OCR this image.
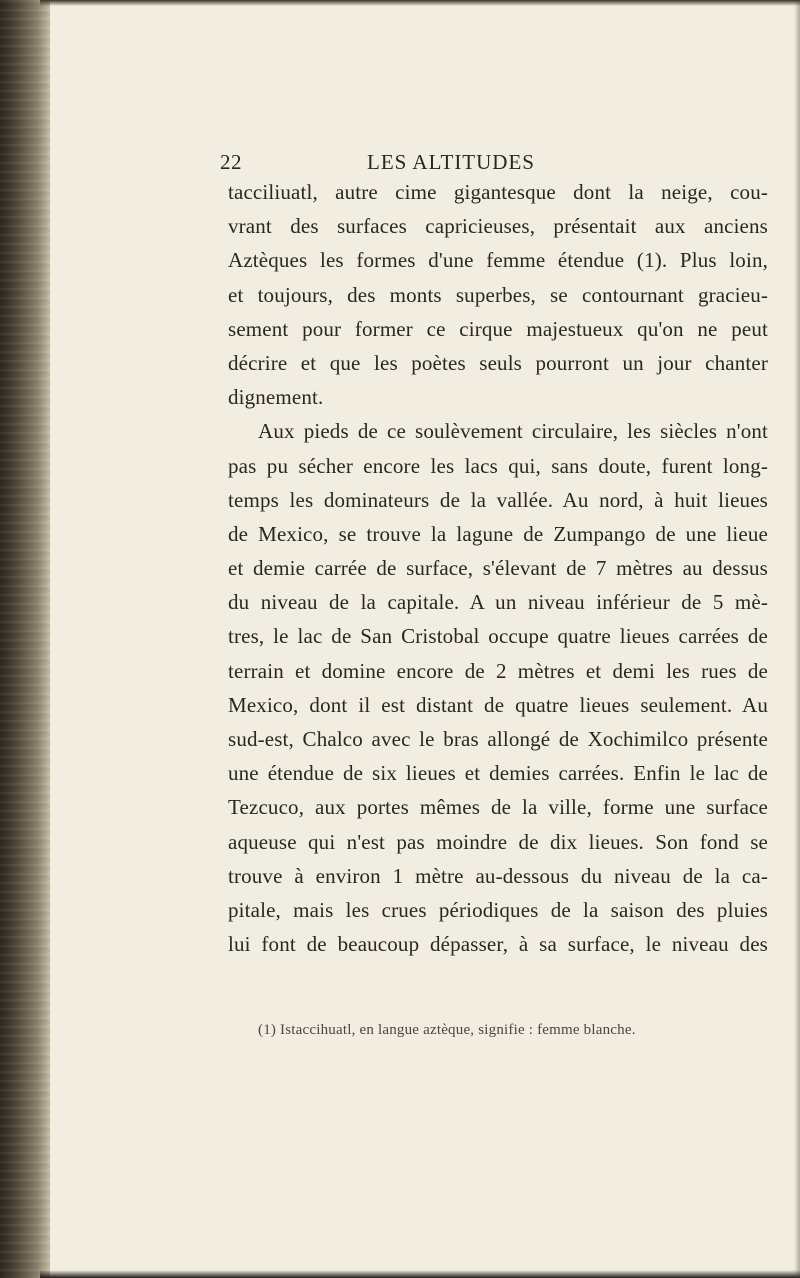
22	LES ALTITUDES
tacciliuatl, autre cime gigantesque dont la neige, cou-
vrant des surfaces capricieuses, présentait aux anciens
Aztèques les formes d'une femme étendue (1). Plus loin,
et toujours, des monts superbes, se contournant gracieu-
sement pour former ce cirque majestueux qu'on ne peut
décrire et que les poètes seuls pourront un jour chanter
dignement.
Aux pieds de ce soulèvement circulaire, les siècles n'ont
pas pu sécher encore les lacs qui, sans doute, furent long-
temps les dominateurs de la vallée. Au nord, à huit lieues
de Mexico, se trouve la lagune de Zumpango de une lieue
et demie carrée de surface, s'élevant de 7 mètres au dessus
du niveau de la capitale. A un niveau inférieur de 5 mè-
tres, le lac de San Cristobal occupe quatre lieues carrées de
terrain et domine encore de 2 mètres et demi les rues de
Mexico, dont il est distant de quatre lieues seulement. Au
sud-est, Chalco avec le bras allongé de Xochimilco présente
une étendue de six lieues et demies carrées. Enfin le lac de
Tezcuco, aux portes mêmes de la ville, forme une surface
aqueuse qui n'est pas moindre de dix lieues. Son fond se
trouve à environ 1 mètre au-dessous du niveau de la ca-
pitale, mais les crues périodiques de la saison des pluies
lui font de beaucoup dépasser, à sa surface, le niveau des
(1) Istaccihuatl, en langue aztèque, signifie : femme blanche.
